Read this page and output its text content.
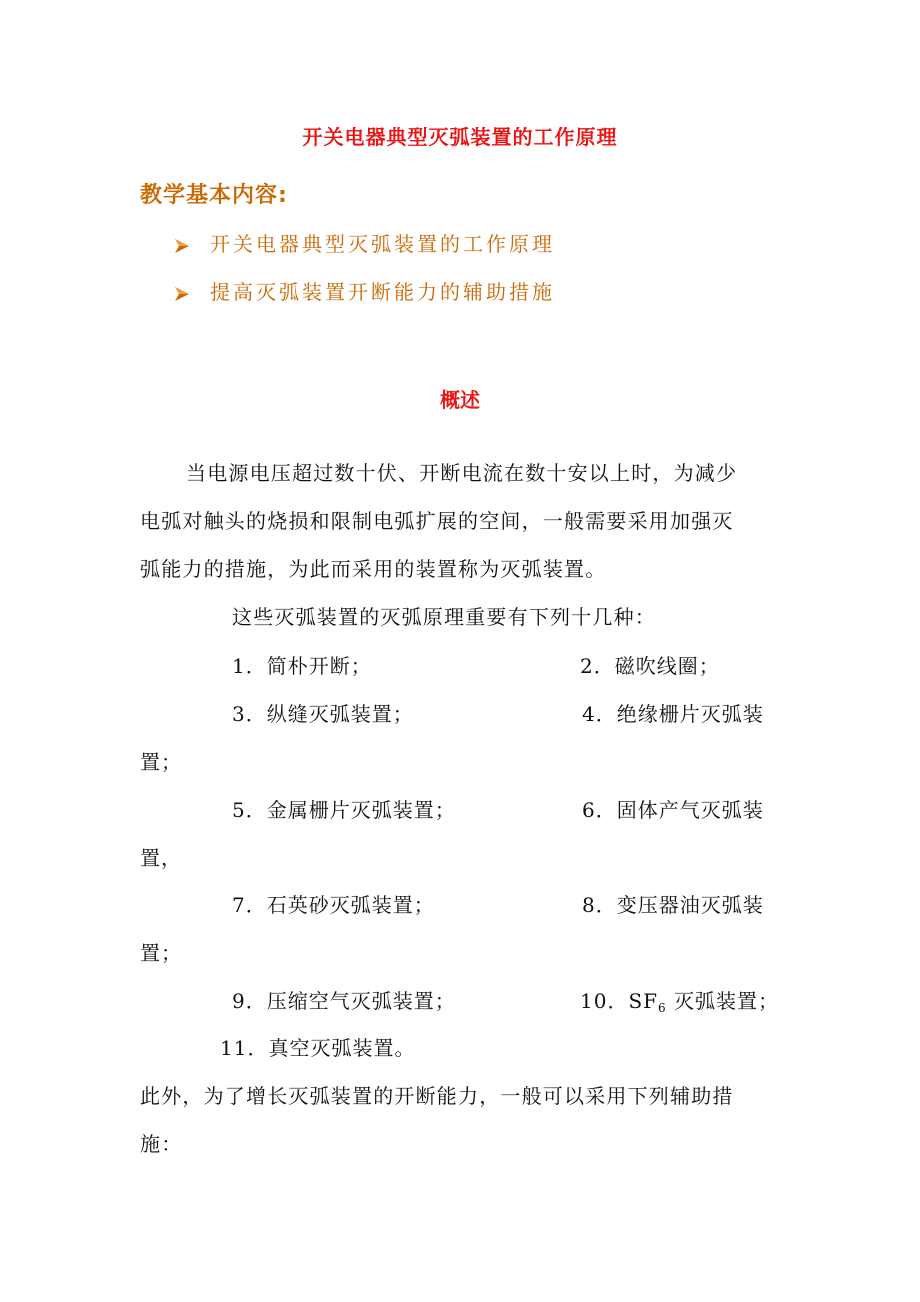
开关电器典型灭弧装置的工作原理
教学基本内容:
开关电器典型灭弧装置的工作原理
提高灭弧装置开断能力的辅助措施
概述
当电源电压超过数十伏、开断电流在数十安以上时，为减少
电弧对触头的烧损和限制电弧扩展的空间，一般需要采用加强灭
弧能力的措施，为此而采用的装置称为灭弧装置。
这些灭弧装置的灭弧原理重要有下列十几种：
1．简朴开断；	2．磁吹线圈；
3．纵缝灭弧装置；	4．绝缘栅片灭弧装
置；
5．金属栅片灭弧装置；	6．固体产气灭弧装
置，
7．石英砂灭弧装置；	8．变压器油灭弧装
置；
9．压缩空气灭弧装置；	10．$SF_6$ 灭弧装置；
11．真空灭弧装置。
此外，为了增长灭弧装置的开断能力，一般可以采用下列辅助措
施：
